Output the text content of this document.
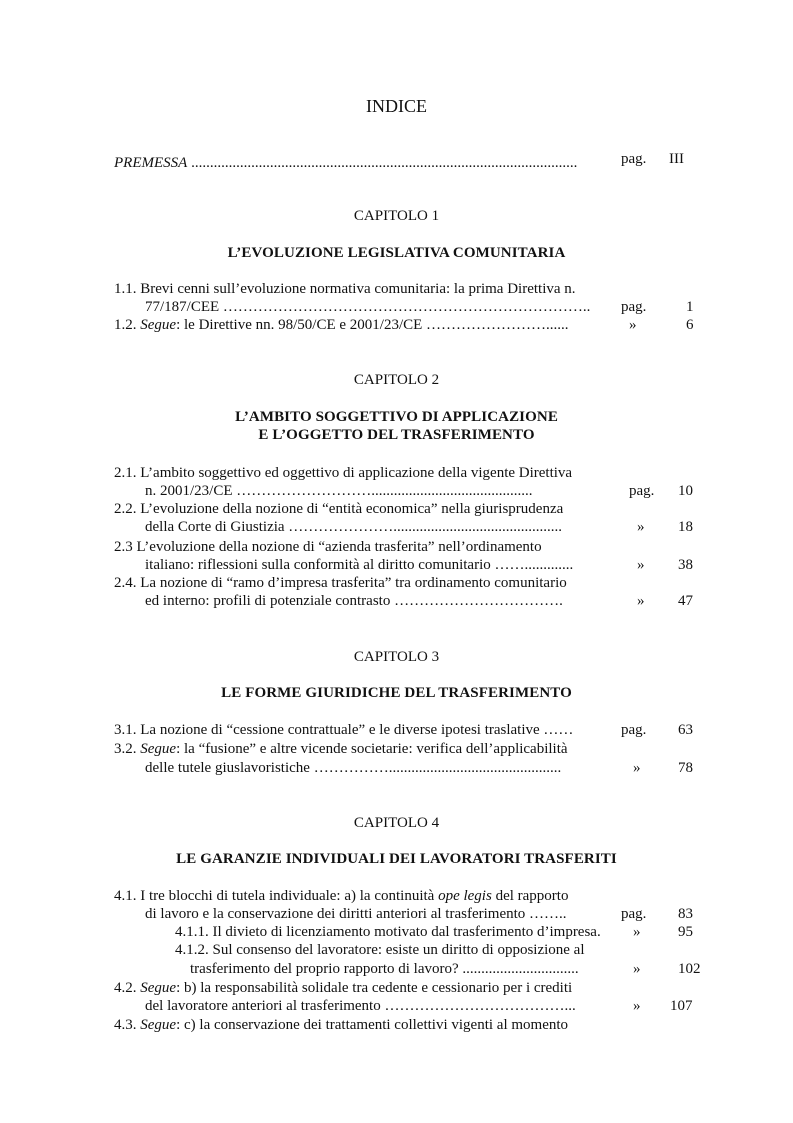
INDICE
PREMESSA .......................................................................................................	pag. III
CAPITOLO 1
L’EVOLUZIONE LEGISLATIVA COMUNITARIA
1.1. Brevi cenni sull’evoluzione normativa comunitaria: la prima Direttiva n.
77/187/CEE ……………………………………………………………….. pag.	1
1.2. Segue: le Direttive nn. 98/50/CE e 2001/23/CE ……………………......	»	6
CAPITOLO 2
L’AMBITO SOGGETTIVO DI APPLICAZIONE
E L’OGGETTO DEL TRASFERIMENTO
2.1. L’ambito soggettivo ed oggettivo di applicazione della vigente Direttiva
n. 2001/23/CE ………………………...........................................	pag. 10
2.2. L’evoluzione della nozione di “entità economica” nella giurisprudenza
della Corte di Giustizia ………………….............................................	» 18
2.3 L’evoluzione della nozione di “azienda trasferita” nell’ordinamento
italiano: riflessioni sulla conformità al diritto comunitario …….............	» 38
2.4. La nozione di “ramo d’impresa trasferita” tra ordinamento comunitario
ed interno: profili di potenziale contrasto …………………………….	» 47
CAPITOLO 3
LE FORME GIURIDICHE DEL TRASFERIMENTO
3.1. La nozione di “cessione contrattuale” e le diverse ipotesi traslative ……	pag. 63
3.2. Segue: la “fusione” e altre vicende societarie: verifica dell’applicabilità
delle tutele giuslavoristiche ……………..............................................	»	78
CAPITOLO 4
LE GARANZIE INDIVIDUALI DEI LAVORATORI TRASFERITI
4.1. I tre blocchi di tutela individuale: a) la continuità ope legis del rapporto
di lavoro e la conservazione dei diritti anteriori al trasferimento ……..	pag. 83
4.1.1. Il divieto di licenziamento motivato dal trasferimento d’impresa. »	95
4.1.2. Sul consenso del lavoratore: esiste un diritto di opposizione al
trasferimento del proprio rapporto di lavoro? ...............................	»	102
4.2. Segue: b) la responsabilità solidale tra cedente e cessionario per i crediti
del lavoratore anteriori al trasferimento ………………………………...	» 107
4.3. Segue: c) la conservazione dei trattamenti collettivi vigenti al momento
